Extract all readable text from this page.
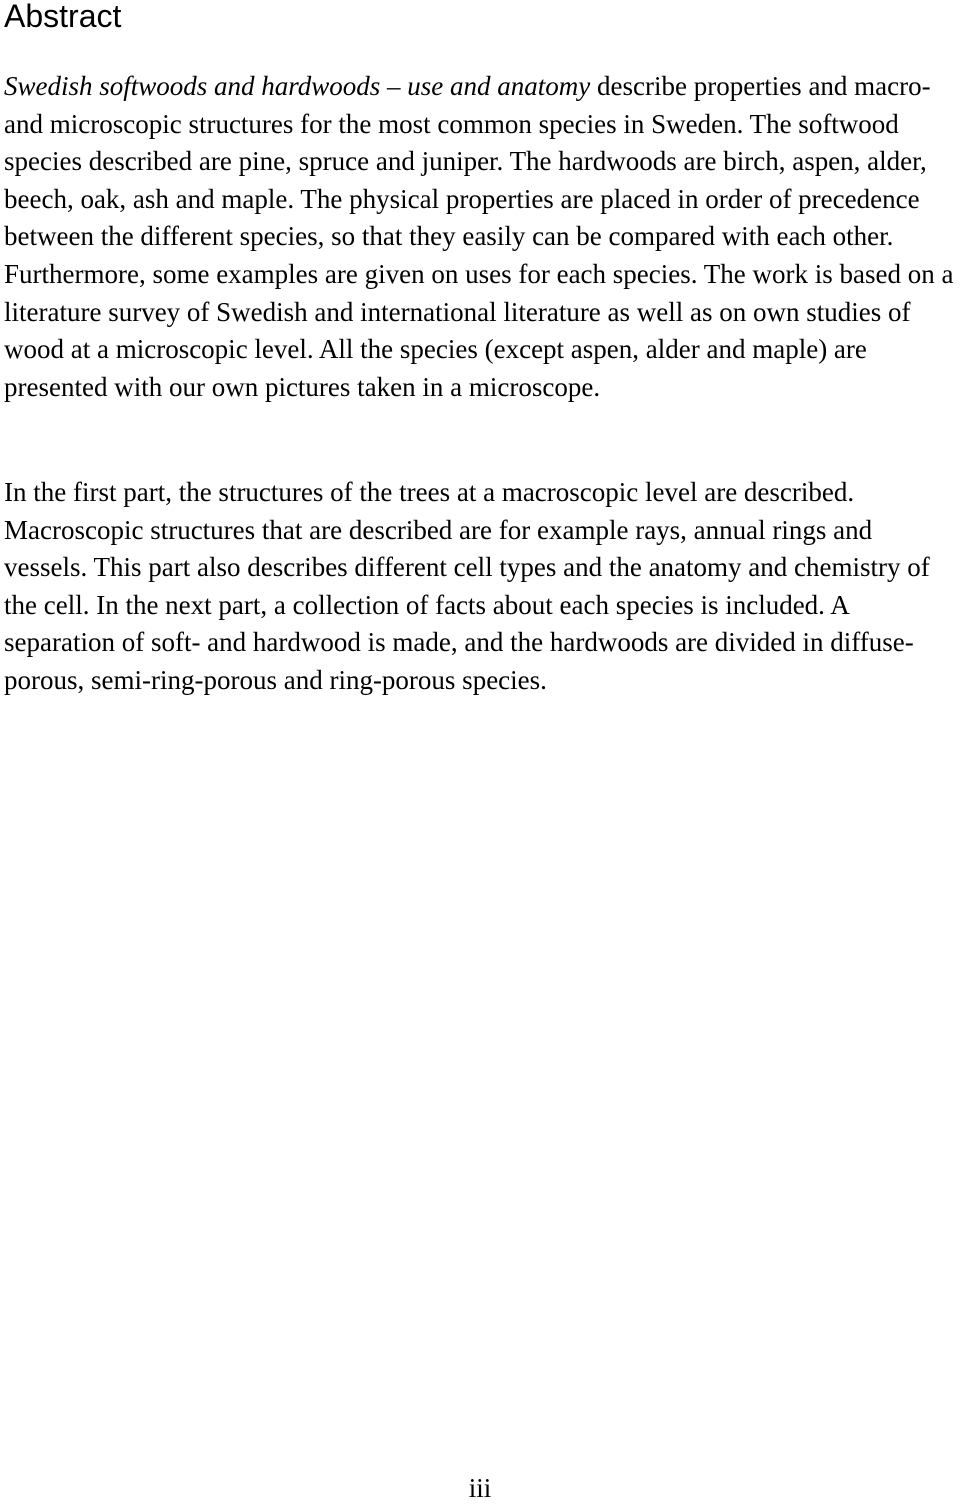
Abstract

Swedish softwoods and hardwoods – use and anatomy describe properties and macro- and microscopic structures for the most common species in Sweden. The softwood species described are pine, spruce and juniper. The hardwoods are birch, aspen, alder, beech, oak, ash and maple. The physical properties are placed in order of precedence between the different species, so that they easily can be compared with each other. Furthermore, some examples are given on uses for each species. The work is based on a literature survey of Swedish and international literature as well as on own studies of wood at a microscopic level. All the species (except aspen, alder and maple) are presented with our own pictures taken in a microscope.

In the first part, the structures of the trees at a macroscopic level are described. Macroscopic structures that are described are for example rays, annual rings and vessels. This part also describes different cell types and the anatomy and chemistry of the cell. In the next part, a collection of facts about each species is included. A separation of soft- and hardwood is made, and the hardwoods are divided in diffuse-porous, semi-ring-porous and ring-porous species.

iii
